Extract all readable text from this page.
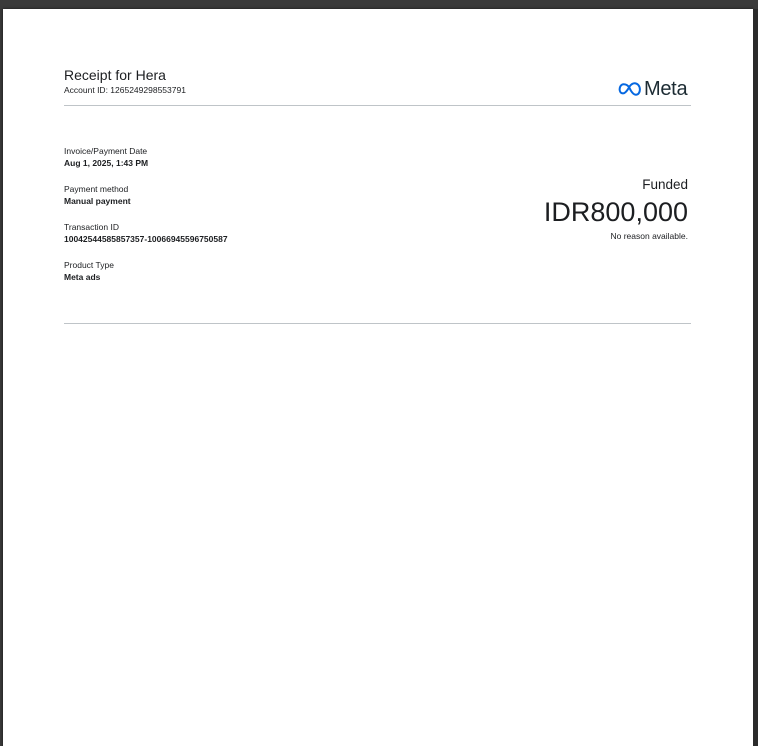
Receipt for Hera
Account ID: 1265249298553791	Meta
Invoice/Payment Date
Aug 1, 2025, 1:43 PM
Payment method
Manual payment
Transaction ID
10042544585857357-10066945596750587
Product Type
Meta ads
Funded
IDR800,000
No reason available.
